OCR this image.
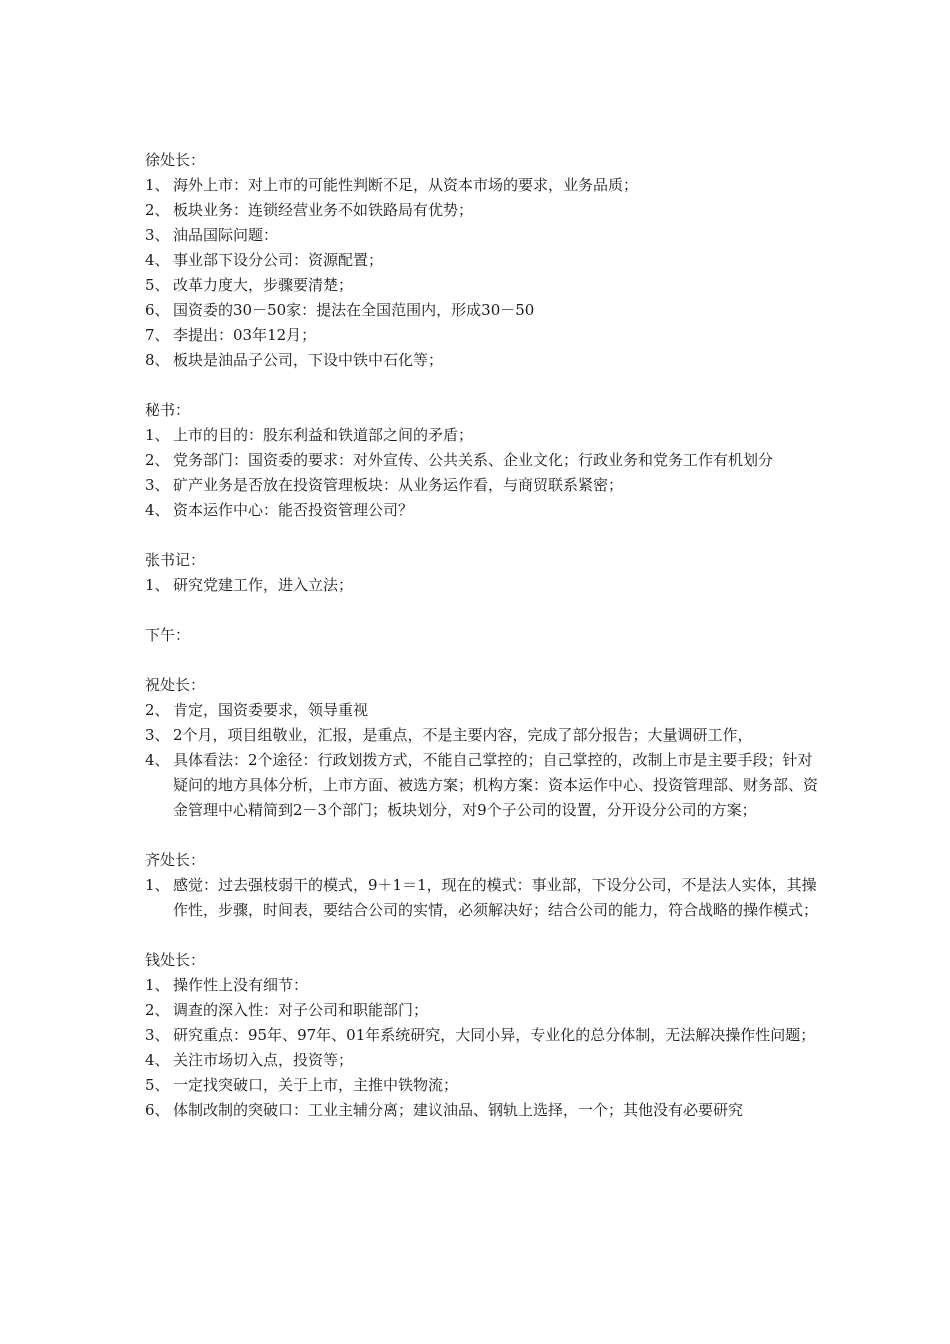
徐处长：

1、 海外上市：对上市的可能性判断不足，从资本市场的要求，业务品质；
2、 板块业务：连锁经营业务不如铁路局有优势；
3、 油品国际问题：
4、 事业部下设分公司：资源配置；
5、 改革力度大，步骤要清楚；
6、 国资委的30－50家：提法在全国范围内，形成30－50
7、 李提出：03年12月；
8、 板块是油品子公司，下设中铁中石化等；

秘书：

1、 上市的目的：股东利益和铁道部之间的矛盾；
2、 党务部门：国资委的要求：对外宣传、公共关系、企业文化；行政业务和党务工作有机划分
3、 矿产业务是否放在投资管理板块：从业务运作看，与商贸联系紧密；
4、 资本运作中心：能否投资管理公司？

张书记：

1、 研究党建工作，进入立法；

下午：

祝处长：

2、 肯定，国资委要求，领导重视
3、 2个月，项目组敬业，汇报，是重点，不是主要内容，完成了部分报告；大量调研工作，
4、 具体看法：2个途径：行政划拨方式，不能自己掌控的；自己掌控的，改制上市是主要手段；针对疑问的地方具体分析，上市方面、被选方案；机构方案：资本运作中心、投资管理部、财务部、资金管理中心精简到2－3个部门；板块划分，对9个子公司的设置，分开设分公司的方案；

齐处长：

1、 感觉：过去强枝弱干的模式，9＋1＝1，现在的模式：事业部，下设分公司，不是法人实体，其操作性，步骤，时间表，要结合公司的实情，必须解决好；结合公司的能力，符合战略的操作模式；

钱处长：

1、 操作性上没有细节：
2、 调查的深入性：对子公司和职能部门；
3、 研究重点：95年、97年、01年系统研究，大同小异，专业化的总分体制，无法解决操作性问题；
4、 关注市场切入点，投资等；
5、 一定找突破口，关于上市，主推中铁物流；
6、 体制改制的突破口：工业主辅分离；建议油品、钢轨上选择，一个；其他没有必要研究
